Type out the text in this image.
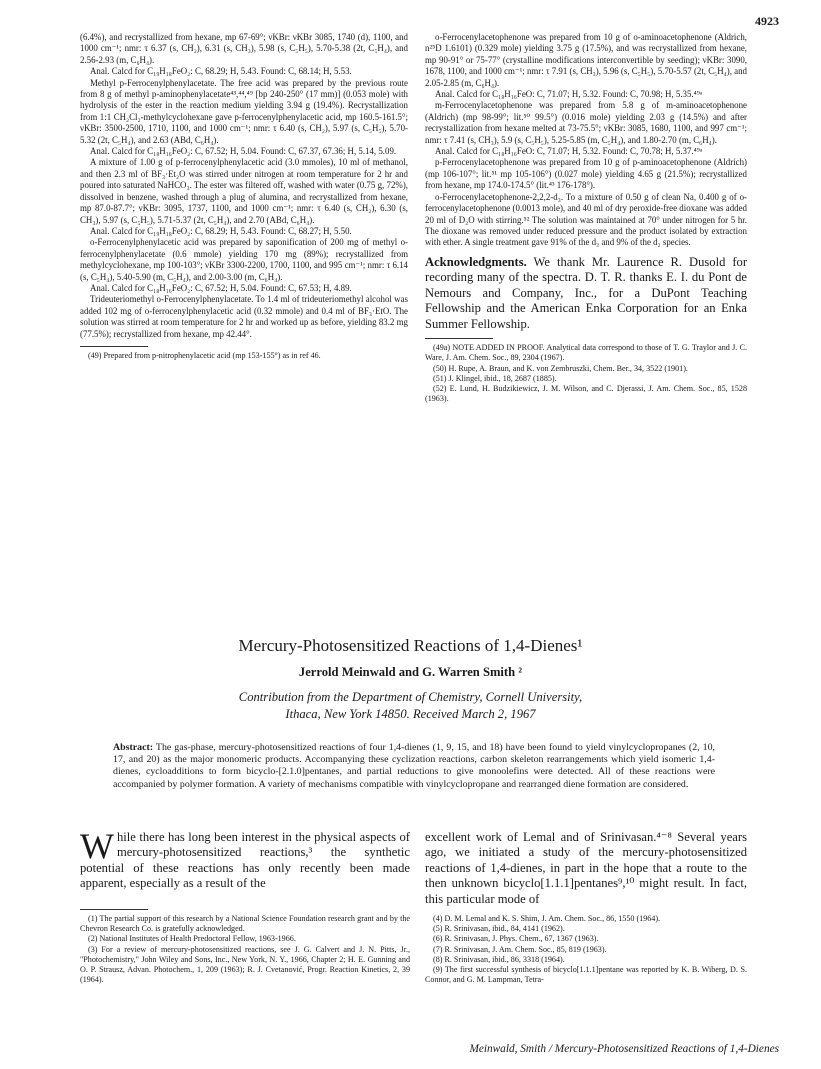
4923

(6.4%), and recrystallized from hexane, mp 67-69°; νKBr: νKBr 3085, 1740 (d), 1100, and 1000 cm⁻¹; nmr: τ 6.37 (s, CH₂), 6.31 (s, CH₃), 5.98 (s, C₅H₅), 5.70-5.38 (2t, C₅H₄), and 2.56-2.93 (m, C₆H₄).

Anal. Calcd for C₁₉H₁₈FeO₂: C, 68.29; H, 5.43. Found: C, 68.14; H, 5.53.

Methyl p-Ferrocenylphenylacetate. The free acid was prepared by the previous route from 8 g of methyl p-aminophenylacetate⁴³,⁴⁴,⁴⁹ [bp 240-250° (17 mm)] (0.053 mole) with hydrolysis of the ester in the reaction medium yielding 3.94 g (19.4%). Recrystallization from 1:1 CH₂Cl₂-methylcyclohexane gave p-ferrocenylphenylacetic acid, mp 160.5-161.5°; νKBr: 3500-2500, 1710, 1100, and 1000 cm⁻¹; nmr: τ 6.40 (s, CH₂), 5.97 (s, C₅H₅), 5.70-5.32 (2t, C₅H₄), and 2.63 (ABd, C₆H₄).

Anal. Calcd for C₁₈H₁₆FeO₂: C, 67.52; H, 5.04. Found: C, 67.37, 67.36; H, 5.14, 5.09.

A mixture of 1.00 g of p-ferrocenylphenylacetic acid (3.0 mmoles), 10 ml of methanol, and then 2.3 ml of BF₃·Et₂O was stirred under nitrogen at room temperature for 2 hr and poured into saturated NaHCO₃. The ester was filtered off, washed with water (0.75 g, 72%), dissolved in benzene, washed through a plug of alumina, and recrystallized from hexane, mp 87.0-87.7°; νKBr: 3095, 1737, 1100, and 1000 cm⁻¹; nmr: τ 6.40 (s, CH₂), 6.30 (s, CH₃), 5.97 (s, C₅H₅), 5.71-5.37 (2t, C₅H₄), and 2.70 (ABd, C₆H₄).

Anal. Calcd for C₁₉H₁₈FeO₂: C, 68.29; H, 5.43. Found: C, 68.27; H, 5.50.

o-Ferrocenylphenylacetic acid was prepared by saponification of 200 mg of methyl o-ferrocenylphenylacetate (0.6 mmole) yielding 170 mg (89%); recrystallized from methylcyclohexane, mp 100-103°; νKBr 3300-2200, 1700, 1100, and 995 cm⁻¹; nmr: τ 6.14 (s, C₅H₄), 5.40-5.90 (m, C₅H₄), and 2.00-3.00 (m, C₆H₄).

Anal. Calcd for C₁₈H₁₆FeO₂: C, 67.52; H, 5.04. Found: C, 67.53; H, 4.89.

Trideuteriomethyl o-Ferrocenylphenylacetate. To 1.4 ml of trideuteriomethyl alcohol was added 102 mg of o-ferrocenylphenylacetic acid (0.32 mmole) and 0.4 ml of BF₃·EtO. The solution was stirred at room temperature for 2 hr and worked up as before, yielding 83.2 mg (77.5%); recrystallized from hexane, mp 42.44°.

(49) Prepared from p-nitrophenylacetic acid (mp 153-155°) as in ref 46.

o-Ferrocenylacetophenone was prepared from 10 g of o-aminoacetophenone (Aldrich, n²⁵D 1.6101) (0.329 mole) yielding 3.75 g (17.5%), and was recrystallized from hexane, mp 90-91° or 75-77° (crystalline modifications interconvertible by seeding); νKBr: 3090, 1678, 1100, and 1000 cm⁻¹; nmr: τ 7.91 (s, CH₃), 5.96 (s, C₅H₅), 5.70-5.57 (2t, C₅H₄), and 2.05-2.85 (m, C₆H₄).

Anal. Calcd for C₁₈H₁₆FeO: C, 71.07; H, 5.32. Found: C, 70.98; H, 5.35.⁴⁹ᵃ

m-Ferrocenylacetophenone was prepared from 5.8 g of m-aminoacetophenone (Aldrich) (mp 98-99°; lit.⁵⁰ 99.5°) (0.016 mole) yielding 2.03 g (14.5%) and after recrystallization from hexane melted at 73-75.5°; νKBr: 3085, 1680, 1100, and 997 cm⁻¹; nmr: τ 7.41 (s, CH₃), 5.9 (s, C₅H₅), 5.25-5.85 (m, C₅H₄), and 1.80-2.70 (m, C₆H₄).

Anal. Calcd for C₁₈H₁₆FeO: C, 71.07; H, 5.32. Found: C, 70.78; H, 5.37.⁴⁹ᵃ

p-Ferrocenylacetophenone was prepared from 10 g of p-aminoacetophenone (Aldrich) (mp 106-107°; lit.⁵¹ mp 105-106°) (0.027 mole) yielding 4.65 g (21.5%); recrystallized from hexane, mp 174.0-174.5° (lit.⁴³ 176-178°).

o-Ferrocenylacetophenone-2,2,2-d₃. To a mixture of 0.50 g of clean Na, 0.400 g of o-ferrocenylacetophenone (0.0013 mole), and 40 ml of dry peroxide-free dioxane was added 20 ml of D₂O with stirring.⁵² The solution was maintained at 70° under nitrogen for 5 hr. The dioxane was removed under reduced pressure and the product isolated by extraction with ether. A single treatment gave 91% of the d₃ and 9% of the d₂ species.

Acknowledgments. We thank Mr. Laurence R. Dusold for recording many of the spectra. D. T. R. thanks E. I. du Pont de Nemours and Company, Inc., for a DuPont Teaching Fellowship and the American Enka Corporation for an Enka Summer Fellowship.

(49a) NOTE ADDED IN PROOF. Analytical data correspond to those of T. G. Traylor and J. C. Ware, J. Am. Chem. Soc., 89, 2304 (1967).

(50) H. Rupe, A. Braun, and K. von Zembruszki, Chem. Ber., 34, 3522 (1901).

(51) J. Klingel, ibid., 18, 2687 (1885).

(52) E. Lund, H. Budzikiewicz, J. M. Wilson, and C. Djerassi, J. Am. Chem. Soc., 85, 1528 (1963).

Mercury-Photosensitized Reactions of 1,4-Dienes¹
Jerrold Meinwald and G. Warren Smith ²
Contribution from the Department of Chemistry, Cornell University,
Ithaca, New York 14850. Received March 2, 1967
Abstract: The gas-phase, mercury-photosensitized reactions of four 1,4-dienes (1, 9, 15, and 18) have been found to yield vinylcyclopropanes (2, 10, 17, and 20) as the major monomeric products. Accompanying these cyclization reactions, carbon skeleton rearrangements which yield isomeric 1,4-dienes, cycloadditions to form bicyclo-[2.1.0]pentanes, and partial reductions to give monoolefins were detected. All of these reactions were accompanied by polymer formation. A variety of mechanisms compatible with vinylcyclopropane and rearranged diene formation are considered.
While there has long been interest in the physical aspects of mercury-photosensitized reactions,³ the synthetic potential of these reactions has only recently been made apparent, especially as a result of the
excellent work of Lemal and of Srinivasan.⁴⁻⁸ Several years ago, we initiated a study of the mercury-photosensitized reactions of 1,4-dienes, in part in the hope that a route to the then unknown bicyclo[1.1.1]pentanes⁹,¹⁰ might result. In fact, this particular mode of

(1) The partial support of this research by a National Science Foundation research grant and by the Chevron Research Co. is gratefully acknowledged.

(2) National Institutes of Health Predoctoral Fellow, 1963-1966.

(3) For a review of mercury-photosensitized reactions, see J. G. Calvert and J. N. Pitts, Jr., "Photochemistry," John Wiley and Sons, Inc., New York, N. Y., 1966, Chapter 2; H. E. Gunning and O. P. Strausz, Advan. Photochem., 1, 209 (1963); R. J. Cvetanović, Progr. Reaction Kinetics, 2, 39 (1964).

(4) D. M. Lemal and K. S. Shim, J. Am. Chem. Soc., 86, 1550 (1964).

(5) R. Srinivasan, ibid., 84, 4141 (1962).

(6) R. Srinivasan, J. Phys. Chem., 67, 1367 (1963).

(7) R. Srinivasan, J. Am. Chem. Soc., 85, 819 (1963).

(8) R. Srinivasan, ibid., 86, 3318 (1964).

(9) The first successful synthesis of bicyclo[1.1.1]pentane was reported by K. B. Wiberg, D. S. Connor, and G. M. Lampman, Tetra-

Meinwald, Smith / Mercury-Photosensitized Reactions of 1,4-Dienes
